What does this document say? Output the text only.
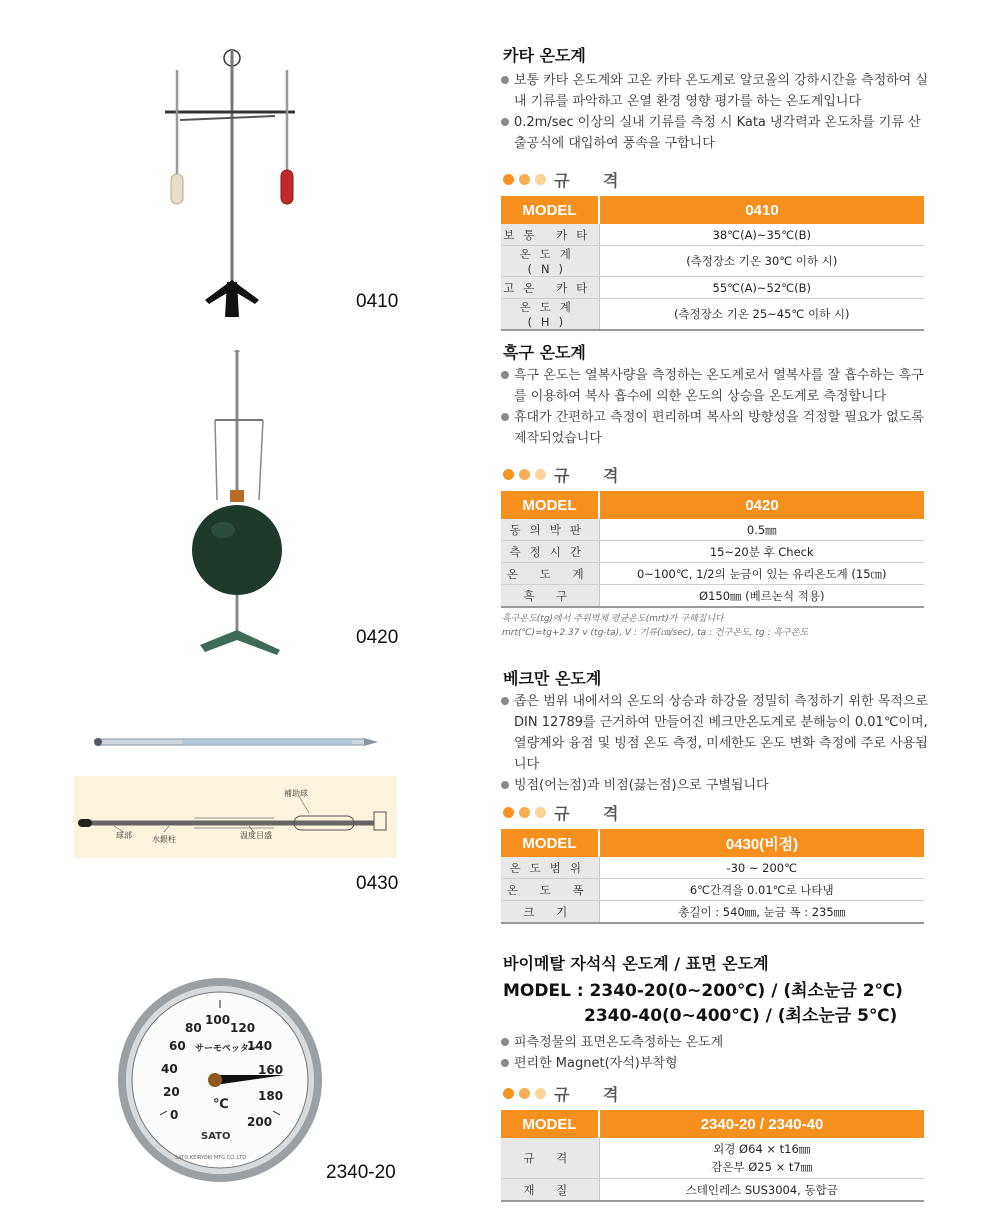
0410
0420
補助球
球部	水銀柱	温度目盛
0430
0
20
40
60
80
100
120
140
160
180
200
サーモペッター
℃
SATO
SATO KEIRYOKI MFG.CO.,LTD.
2340-20
카타 온도계
보통 카타 온도계와 고온 카타 온도계로 알코올의 강하시간을 측정하여 실내 기류를 파악하고 온열 환경 영향 평가를 하는 온도계입니다
0.2m/sec 이상의 실내 기류를 측정 시 Kata 냉각력과 온도차를 기류 산출공식에 대입하여 풍속을 구합니다
규 격
MODEL	0410
보통 카타	38℃(A)~35℃(B)
온도계 (N)	(측정장소 기온 30℃ 이하 시)
고온 카타	55℃(A)~52℃(B)
온도계 (H)	(측정장소 기온 25~45℃ 이하 시)
흑구 온도계
흑구 온도는 열복사량을 측정하는 온도계로서 열복사를 잘 흡수하는 흑구를 이용하여 복사 흡수에 의한 온도의 상승을 온도계로 측정합니다
휴대가 간편하고 측정이 편리하며 복사의 방향성을 걱정할 필요가 없도록 제작되었습니다
규 격
MODEL	0420
동의박판	0.5㎜
측정시간	15~20분 후 Check
온 도 계	0~100℃, 1/2의 눈금이 있는 유리온도계 (15㎝)
흑 구	Ø150㎜ (베르논식 적용)
흑구온도(tg)에서 주위벽체 평균온도(mrt)가 구해집니다
mrt(℃)=tg+2.37 v (tg-ta), V : 기류(㎝/sec), ta : 건구온도, tg : 흑구온도
베크만 온도계
좁은 범위 내에서의 온도의 상승과 하강을 정밀히 측정하기 위한 목적으로 DIN 12789를 근거하여 만들어진 베크만온도계로 분해능이 0.01℃이며, 열량계와 융점 및 빙점 온도 측정, 미세한도 온도 변화 측정에 주로 사용됩니다
빙점(어는점)과 비점(끓는점)으로 구별됩니다
규 격
MODEL	0430(비점)
온도범위	-30 ~ 200℃
온 도 폭	6℃간격을 0.01℃로 나타냄
크 기	총길이 : 540㎜, 눈금 폭 : 235㎜
바이메탈 자석식 온도계 / 표면 온도계
MODEL : 2340-20(0~200℃) / (최소눈금 2℃)
2340-40(0~400℃) / (최소눈금 5℃)
피측정물의 표면온도측정하는 온도계
편리한 Magnet(자석)부착형
규 격
MODEL	2340-20 / 2340-40
규 격	외경 Ø64 × t16㎜
감온부 Ø25 × t7㎜

재 질	스테인레스 SUS3004, 동합금
